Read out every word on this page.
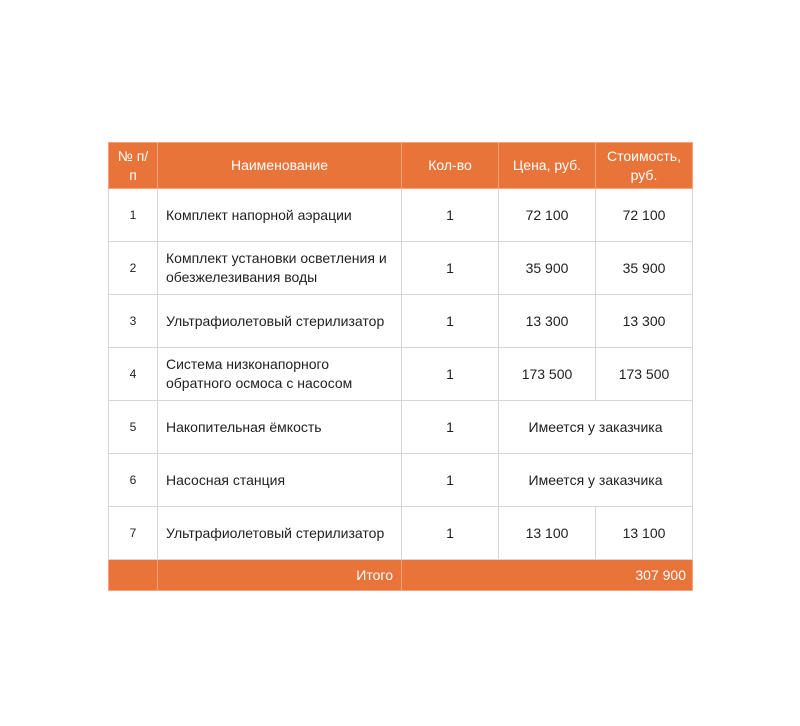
№ п/п	Наименование	Кол-во	Цена, руб.	Стоимость, руб.
1	Комплект напорной аэрации	1	72 100	72 100
2	Комплект установки осветления и обезжелезивания воды	1	35 900	35 900
3	Ультрафиолетовый стерилизатор	1	13 300	13 300
4	Система низконапорного обратного осмоса с насосом	1	173 500	173 500
5	Накопительная ёмкость	1	Имеется у заказчика	
6	Насосная станция	1	Имеется у заказчика	
7	Ультрафиолетовый стерилизатор	1	13 100	13 100
	Итого	307 900		
